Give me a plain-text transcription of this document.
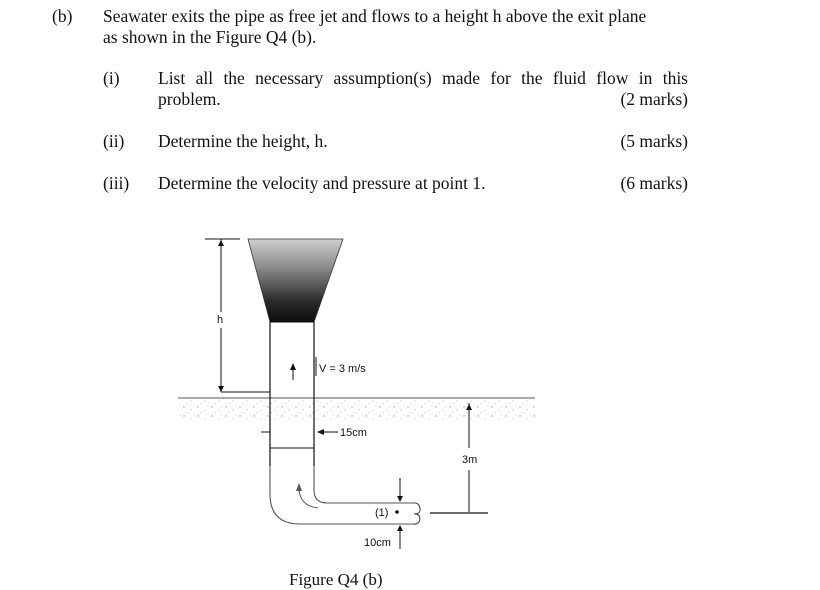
(b) Seawater exits the pipe as free jet and flows to a height h above the exit plane
as shown in the Figure Q4 (b).
(i) List all the necessary assumption(s) made for the fluid flow in this
problem.	(2 marks)
(ii) Determine the height, h.	(5 marks)
(iii) Determine the velocity and pressure at point 1.	(6 marks)
h
V = 3 m/s
15cm
3m
(1)
10cm
Figure Q4 (b)
